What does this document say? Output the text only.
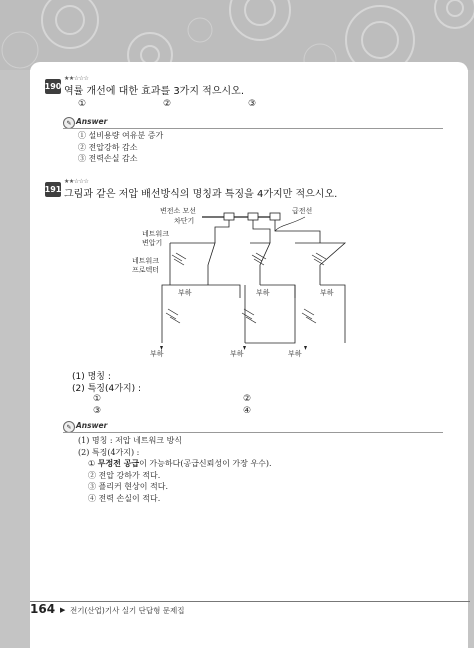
★★☆☆☆
190 역률 개선에 대한 효과를 3가지 적으시오.
①	②	③
✎ Answer
① 설비용량 여유분 증가
② 전압강하 감소
③ 전력손실 감소
★★☆☆☆
191 그림과 같은 저압 배선방식의 명칭과 특징을 4가지만 적으시오.
변전소 모선	급전선
차단기
네트워크
변압기
네트워크
프로텍터
부하	부하	부하
부하	부하	부하
(1) 명칭 :
(2) 특징(4가지) :
①	②
③	④
✎ Answer
(1) 명칭 : 저압 네트워크 방식
(2) 특징(4가지) :
① 무정전 공급이 가능하다(공급신뢰성이 가장 우수).
② 전압 강하가 적다.
③ 플리커 현상이 적다.
④ 전력 손실이 적다.
164 ▶ 전기(산업)기사 실기 단답형 문제집
